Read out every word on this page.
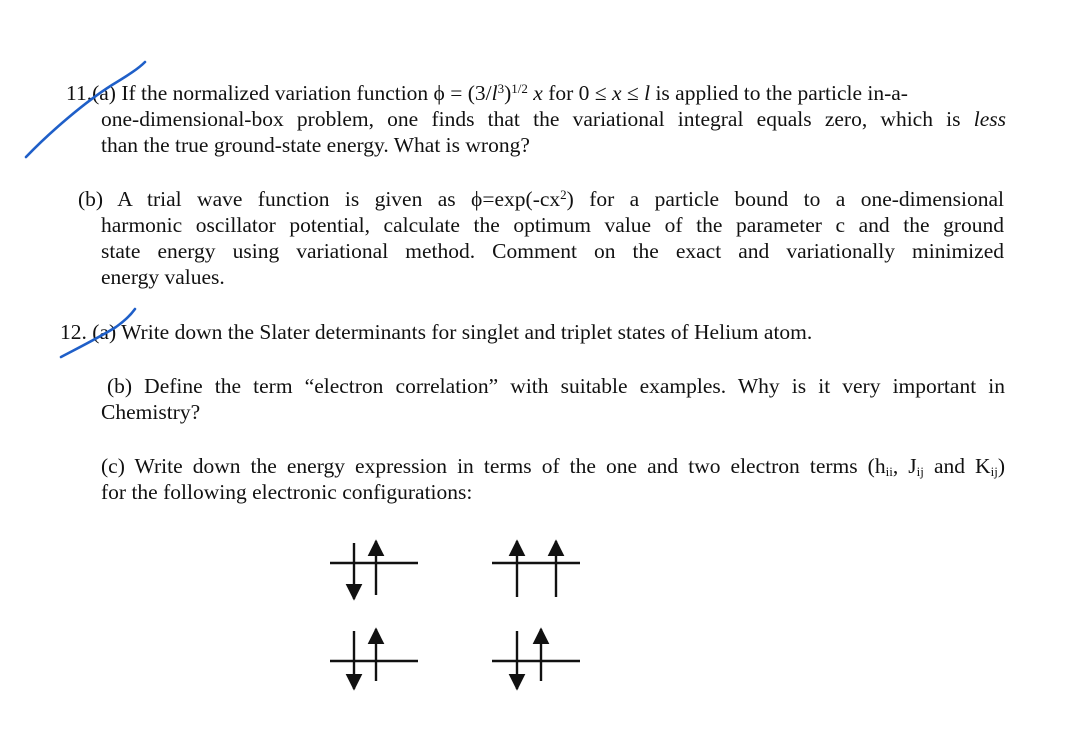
11.(a) If the normalized variation function $\phi = (3/l^3)^{1/2}$ x for 0 ≤ x ≤ l is applied to the particle in-a-
one-dimensional-box problem, one finds that the variational integral equals zero, which is less
than the true ground-state energy. What is wrong?
(b) A trial wave function is given as $\phi=\exp(-cx^2)$ for a particle bound to a one-dimensional
harmonic oscillator potential, calculate the optimum value of the parameter c and the ground
state energy using variational method. Comment on the exact and variationally minimized
energy values.
12. (a) Write down the Slater determinants for singlet and triplet states of Helium atom.
(b) Define the term “electron correlation” with suitable examples. Why is it very important in
Chemistry?
(c) Write down the energy expression in terms of the one and two electron terms ($h_{ii}$, $J_{ij}$ and $K_{ij}$)
for the following electronic configurations:
